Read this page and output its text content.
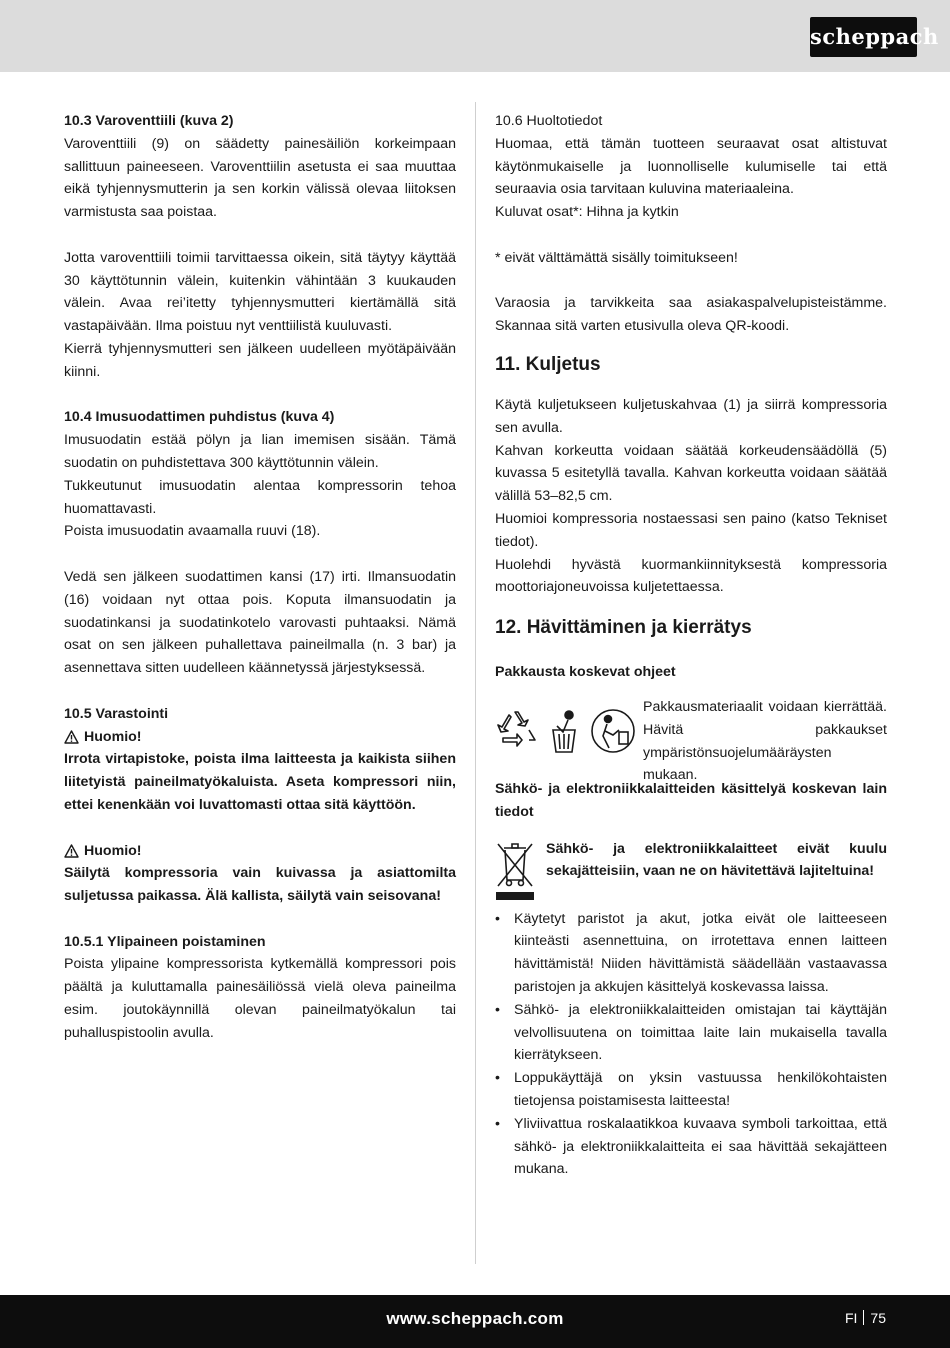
scheppach

10.3 Varoventtiili (kuva 2)

Varoventtiili (9) on säädetty painesäiliön korkeimpaan sallittuun paineeseen. Varoventtiilin asetusta ei saa muuttaa eikä tyhjennysmutterin ja sen korkin välissä olevaa liitoksen varmistusta saa poistaa.

Jotta varoventtiili toimii tarvittaessa oikein, sitä täytyy käyttää 30 käyttötunnin välein, kuitenkin vähintään 3 kuukauden välein. Avaa rei’itetty tyhjennysmutteri kiertämällä sitä vastapäivään. Ilma poistuu nyt venttiilistä kuuluvasti.

Kierrä tyhjennysmutteri sen jälkeen uudelleen myötäpäivään kiinni.

10.4 Imusuodattimen puhdistus (kuva 4)

Imusuodatin estää pölyn ja lian imemisen sisään. Tämä suodatin on puhdistettava 300 käyttötunnin välein.

Tukkeutunut imusuodatin alentaa kompressorin tehoa huomattavasti.

Poista imusuodatin avaamalla ruuvi (18).

Vedä sen jälkeen suodattimen kansi (17) irti. Ilmansuodatin (16) voidaan nyt ottaa pois. Koputa ilmansuodatin ja suodatinkansi ja suodatinkotelo varovasti puhtaaksi. Nämä osat on sen jälkeen puhallettava paineilmalla (n. 3 bar) ja asennettava sitten uudelleen käännetyssä järjestyksessä.

10.5 Varastointi

Huomio!

Irrota virtapistoke, poista ilma laitteesta ja kaikista siihen liitetyistä paineilmatyökaluista. Aseta kompressori niin, ettei kenenkään voi luvattomasti ottaa sitä käyttöön.

Huomio!

Säilytä kompressoria vain kuivassa ja asiattomilta suljetussa paikassa. Älä kallista, säilytä vain seisovana!

10.5.1 Ylipaineen poistaminen

Poista ylipaine kompressorista kytkemällä kompressori pois päältä ja kuluttamalla painesäiliössä vielä oleva paineilma esim. joutokäynnillä olevan paineilmatyökalun tai puhalluspistoolin avulla.

10.6 Huoltotiedot

Huomaa, että tämän tuotteen seuraavat osat altistuvat käytönmukaiselle ja luonnolliselle kulumiselle tai että seuraavia osia tarvitaan kuluvina materiaaleina.

Kuluvat osat*: Hihna ja kytkin

* eivät välttämättä sisälly toimitukseen!

Varaosia ja tarvikkeita saa asiakaspalvelupisteistämme. Skannaa sitä varten etusivulla oleva QR-koodi.

11. Kuljetus

Käytä kuljetukseen kuljetuskahvaa (1) ja siirrä kompressoria sen avulla.

Kahvan korkeutta voidaan säätää korkeudensäädöllä (5) kuvassa 5 esitetyllä tavalla. Kahvan korkeutta voidaan säätää välillä 53–82,5 cm.

Huomioi kompressoria nostaessasi sen paino (katso Tekniset tiedot).

Huolehdi hyvästä kuormankiinnityksestä kompressoria moottoriajoneuvoissa kuljetettaessa.

12. Hävittäminen ja kierrätys

Pakkausta koskevat ohjeet

Pakkausmateriaalit voidaan kierrättää. Hävitä pakkaukset ympäristönsuojelumääräysten mukaan.

Sähkö- ja elektroniikkalaitteiden käsittelyä koskevan lain tiedot

Sähkö- ja elektroniikkalaitteet eivät kuulu sekajätteisiin, vaan ne on hävitettävä lajiteltuina!
• Käytetyt paristot ja akut, jotka eivät ole laitteeseen kiinteästi asennettuina, on irrotettava ennen laitteen hävittämistä! Niiden hävittämistä säädellään vastaavassa paristojen ja akkujen käsittelyä koskevassa laissa.
• Sähkö- ja elektroniikkalaitteiden omistajan tai käyttäjän velvollisuutena on toimittaa laite lain mukaisella tavalla kierrätykseen.
• Loppukäyttäjä on yksin vastuussa henkilökohtaisten tietojensa poistamisesta laitteesta!
• Yliviivattua roskalaatikkoa kuvaava symboli tarkoittaa, että sähkö- ja elektroniikkalaitteita ei saa hävittää sekajätteen mukana.
www.scheppach.com	FI 75
